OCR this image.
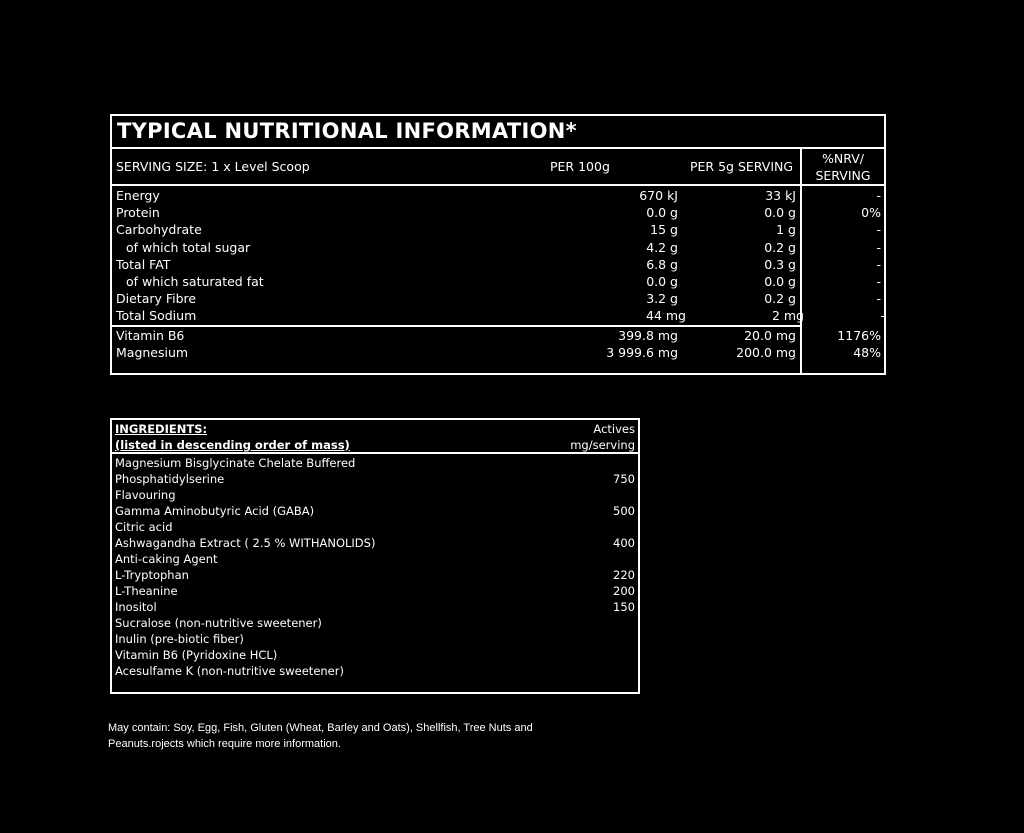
TYPICAL NUTRITIONAL INFORMATION*
SERVING SIZE: 1 x Level Scoop	PER 100g	PER 5g SERVING
%NRV/
SERVING
Energy	670 kJ	33 kJ	-
Protein	0.0 g	0.0 g	0%
Carbohydrate	15 g	1 g	-
of which total sugar	4.2 g	0.2 g	-
Total FAT	6.8 g	0.3 g	-
of which saturated fat	0.0 g	0.0 g	-
Dietary Fibre	3.2 g	0.2 g	-
Total Sodium	44 mg	2 mg	-
Vitamin B6	399.8 mg	20.0 mg	1176%
Magnesium	3 999.6 mg	200.0 mg	48%
INGREDIENTS:
(listed in descending order of mass)
Actives
mg/serving
Magnesium Bisglycinate Chelate Buffered
Phosphatidylserine	750
Flavouring
Gamma Aminobutyric Acid (GABA)	500
Citric acid
Ashwagandha Extract ( 2.5 % WITHANOLIDS)	400
Anti-caking Agent
L-Tryptophan	220
L-Theanine	200
Inositol	150
Sucralose (non-nutritive sweetener)
Inulin (pre-biotic fiber)
Vitamin B6 (Pyridoxine HCL)
Acesulfame K (non-nutritive sweetener)
May contain: Soy, Egg, Fish, Gluten (Wheat, Barley and Oats), Shellfish, Tree Nuts and Peanuts.rojects which require more information.
